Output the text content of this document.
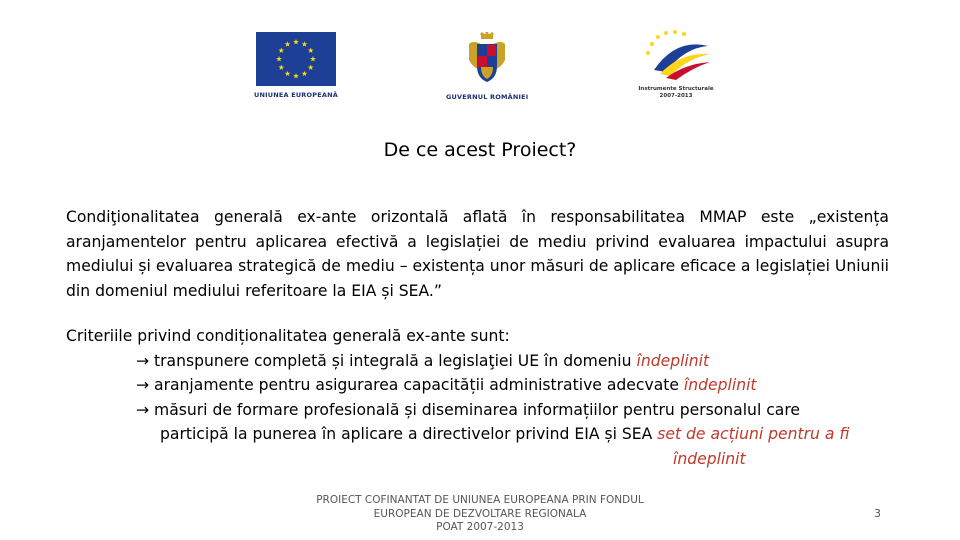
UNIUNEA EUROPEANĂ	GUVERNUL ROMÂNIEI
Instrumente Structurale
2007-2013
De ce acest Proiect?
Condiţionalitatea generală ex-ante orizontală aflată în responsabilitatea MMAP este „existența aranjamentelor pentru aplicarea efectivă a legislației de mediu privind evaluarea impactului asupra mediului și evaluarea strategică de mediu – existența unor măsuri de aplicare eficace a legislației Uniunii din domeniul mediului referitoare la EIA și SEA.”
Criteriile privind condiționalitatea generală ex-ante sunt:
→ transpunere completă și integrală a legislaţiei UE în domeniu îndeplinit
→ aranjamente pentru asigurarea capacității administrative adecvate îndeplinit
→ măsuri de formare profesională și diseminarea informațiilor pentru personalul care
participă la punerea în aplicare a directivelor privind EIA și SEA set de acțiuni pentru a fi
îndeplinit
PROIECT COFINANTAT DE UNIUNEA EUROPEANA PRIN FONDUL
EUROPEAN DE DEZVOLTARE REGIONALA
POAT 2007-2013
3
